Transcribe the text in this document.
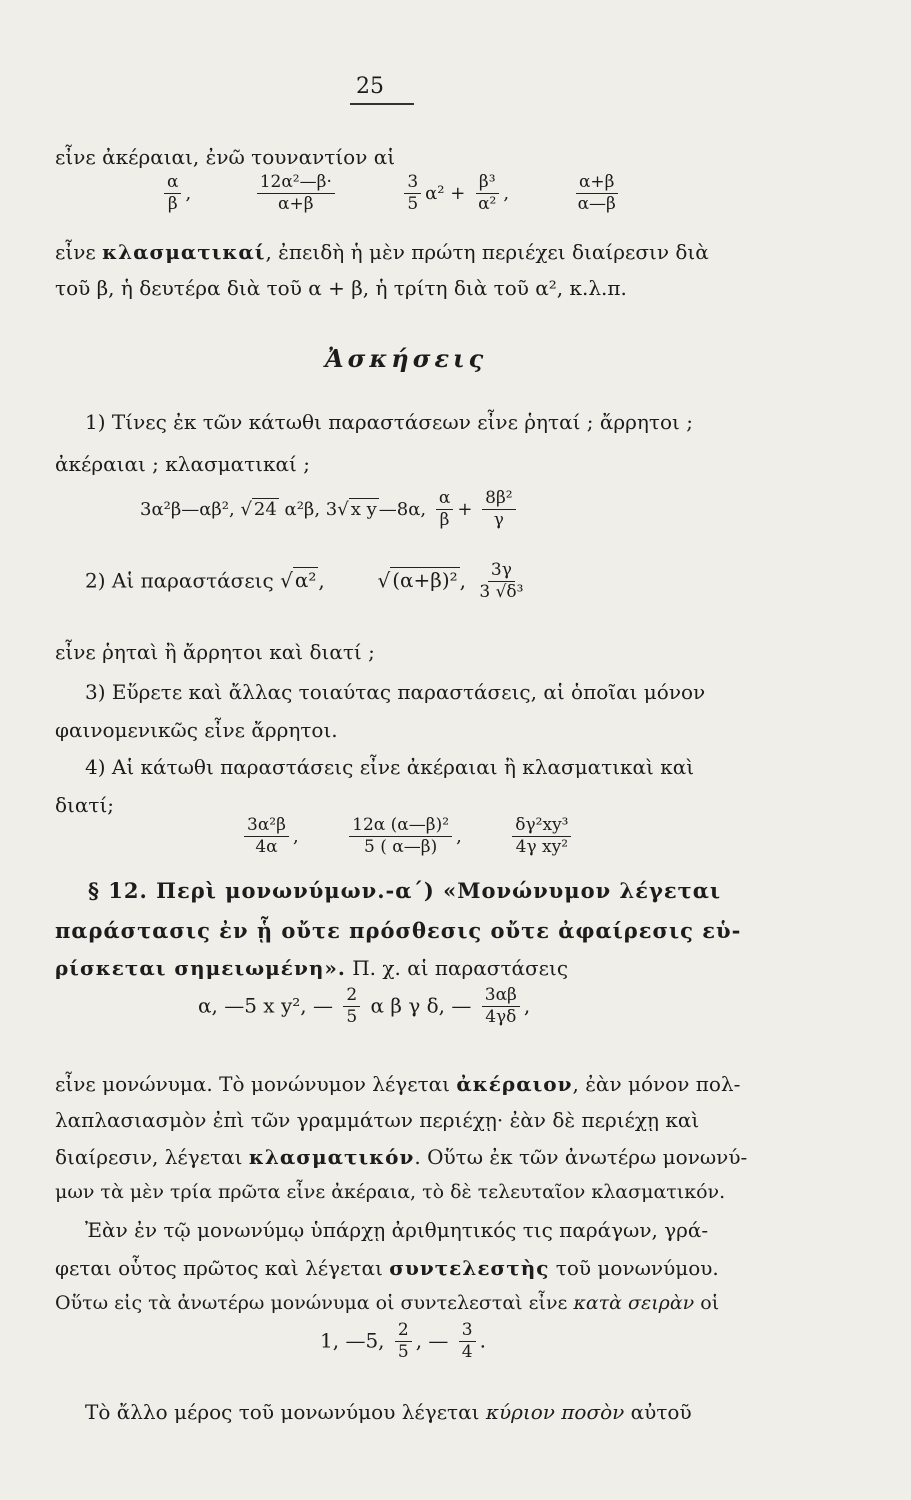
25
εἶνε ἀκέραιαι, ἐνῶ τουναντίον αἱ
$\frac{\alpha}{\beta}$ ,	$\frac{\text{12α²—β·}}{\alpha+\beta}$
	$\frac{3}{5} \alpha^2 + \frac{\text{β³}}{\text{α²}}$ ,	$\frac{\alpha+\beta}{\alpha—\beta}$
εἶνε κλασματικαί, ἐπειδὴ ἡ μὲν πρώτη περιέχει διαίρεσιν διὰ
τοῦ β, ἡ δευτέρα διὰ τοῦ α + β, ἡ τρίτη διὰ τοῦ α², κ.λ.π.
Ἀσκήσεις
1) Τίνες ἐκ τῶν κάτωθι παραστάσεων εἶνε ῥηταί ; ἄρρητοι ;
ἀκέραιαι ; κλασματικαί ;
3α²β—αβ², √ 24 α²β, 3√ x y —8α, $\frac{\alpha}{\beta} + \frac{\text{8β²}}{\gamma}$
2) Αἱ παραστάσεις √ α² ,	√ (α+β)² , $\frac{3\gamma}{\text{3 √δ³}}$
εἶνε ῥηταὶ ἢ ἄρρητοι καὶ διατί ;
3) Εὕρετε καὶ ἄλλας τοιαύτας παραστάσεις, αἱ ὁποῖαι μόνον
φαινομενικῶς εἶνε ἄρρητοι.
4) Αἱ κάτωθι παραστάσεις εἶνε ἀκέραιαι ἢ κλασματικαὶ καὶ
διατί;
$\frac{\text{3α²β}}{4\alpha}$ ,	$\frac{\text{12α (α—β)²}}{5 ( \alpha—\beta)}$ ,	$\frac{\text{δγ²xy³}}{\text{4γ xy²}}$
§ 12. Περὶ μονωνύμων.-α΄) «Μονώνυμον λέγεται
παράστασις ἐν ᾗ οὔτε πρόσθεσις οὔτε ἀφαίρεσις εὑ-
ρίσκεται σημειωμένη». Π. χ. αἱ παραστάσεις
α, —5 x y², — $\frac{2}{5}$ α β γ δ, — $\frac{3\alpha\beta}{4\gamma\delta}$ ,
εἶνε μονώνυμα. Τὸ μονώνυμον λέγεται ἀκέραιον, ἐὰν μόνον πολ-
λαπλασιασμὸν ἐπὶ τῶν γραμμάτων περιέχῃ· ἐὰν δὲ περιέχῃ καὶ
διαίρεσιν, λέγεται κλασματικόν. Οὕτω ἐκ τῶν ἀνωτέρω μονωνύ-
μων τὰ μὲν τρία πρῶτα εἶνε ἀκέραια, τὸ δὲ τελευταῖον κλασματικόν.
Ἐὰν ἐν τῷ μονωνύμῳ ὑπάρχῃ ἀριθμητικός τις παράγων, γρά-
φεται οὗτος πρῶτος καὶ λέγεται συντελεστὴς τοῦ μονωνύμου.
Οὕτω εἰς τὰ ἀνωτέρω μονώνυμα οἱ συντελεσταὶ εἶνε κατὰ σειρὰν οἱ
1, —5, $\frac{2}{5}$ , — $\frac{3}{4}$ .
Τὸ ἄλλο μέρος τοῦ μονωνύμου λέγεται κύριον ποσὸν αὐτοῦ
